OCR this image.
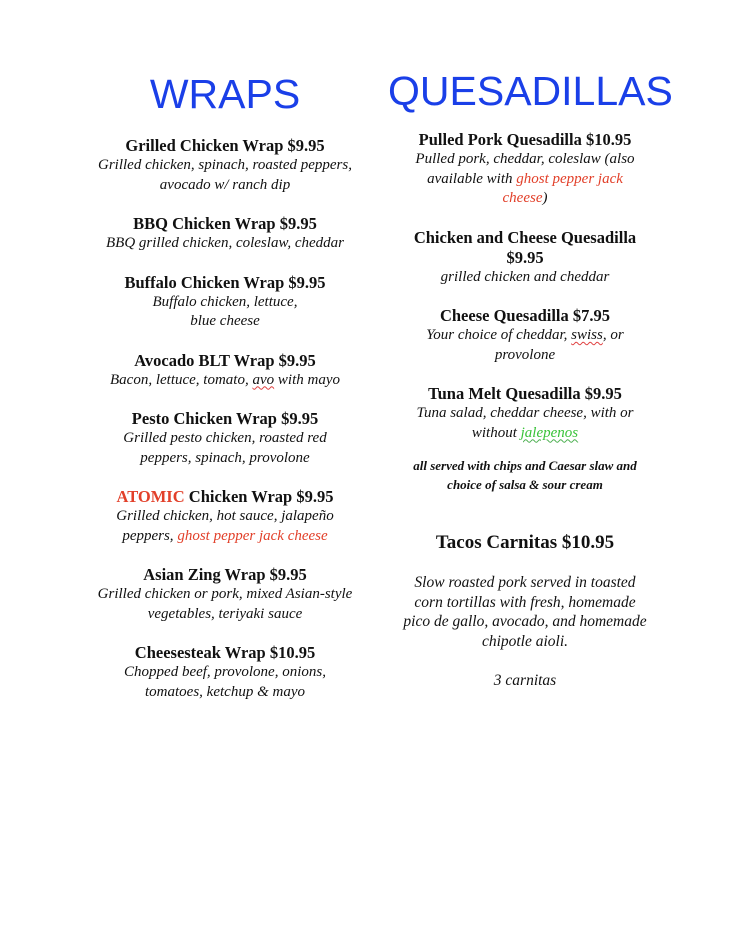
WRAPS
Grilled Chicken Wrap $9.95
Grilled chicken, spinach, roasted peppers,
avocado w/ ranch dip
BBQ Chicken Wrap $9.95
BBQ grilled chicken, coleslaw, cheddar
Buffalo Chicken Wrap $9.95
Buffalo chicken, lettuce,
blue cheese
Avocado BLT Wrap $9.95
Bacon, lettuce, tomato, avo with mayo
Pesto Chicken Wrap $9.95
Grilled pesto chicken, roasted red
peppers, spinach, provolone
ATOMIC Chicken Wrap $9.95
Grilled chicken, hot sauce, jalapeño
peppers, ghost pepper jack cheese
Asian Zing Wrap $9.95
Grilled chicken or pork, mixed Asian-style
vegetables, teriyaki sauce
Cheesesteak Wrap $10.95
Chopped beef, provolone, onions,
tomatoes, ketchup & mayo
QUESADILLAS
Pulled Pork Quesadilla $10.95
Pulled pork, cheddar, coleslaw (also
available with ghost pepper jack
cheese)
Chicken and Cheese Quesadilla
$9.95
grilled chicken and cheddar
Cheese Quesadilla $7.95
Your choice of cheddar, swiss, or
provolone
Tuna Melt Quesadilla $9.95
Tuna salad, cheddar cheese, with or
without jalepenos

all served with chips and Caesar slaw and
choice of salsa & sour cream

Tacos Carnitas $10.95
Slow roasted pork served in toasted
corn tortillas with fresh, homemade
pico de gallo, avocado, and homemade
chipotle aioli.
3 carnitas
